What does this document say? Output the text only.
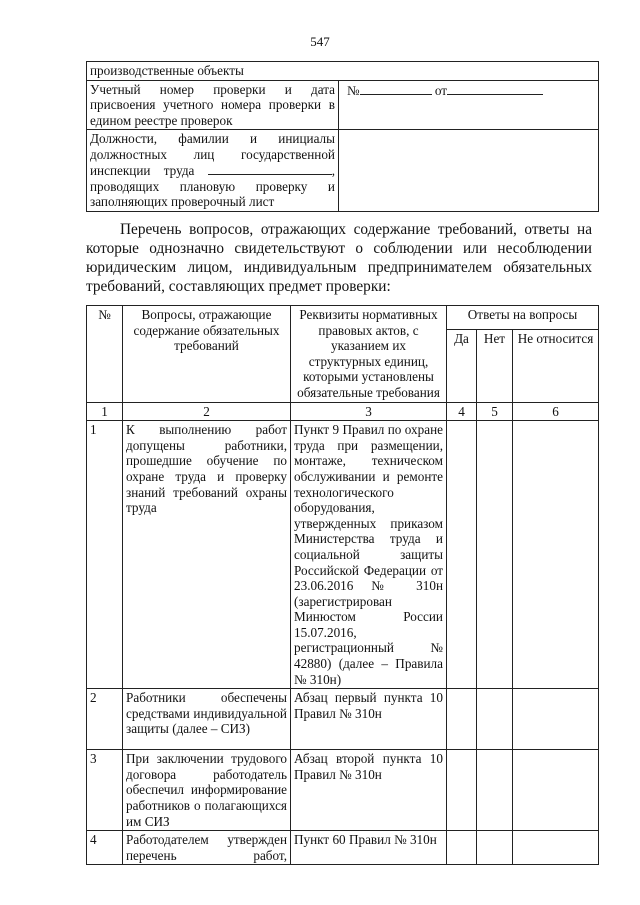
547
производственные объекты	
Учетный номер проверки и дата присвоения учетного номера проверки в едином реестре проверок	№ от
Должности, фамилии и инициалы должностных лиц государственной инспекции труда , проводящих плановую проверку и заполняющих проверочный лист	

Перечень вопросов, отражающих содержание требований, ответы на которые однозначно свидетельствуют о соблюдении или несоблюдении юридическим лицом, индивидуальным предпринимателем обязательных требований, составляющих предмет проверки:

№	Вопросы, отражающие содержание обязательных требований	Реквизиты нормативных правовых актов, с указанием их структурных единиц, которыми установлены обязательные требования	Ответы на вопросы		
			Да	Нет	Не относится
1	2	3	4	5	6
1	К выполнению работ допущены работники, прошедшие обучение по охране труда и проверку знаний требований охраны труда	Пункт 9 Правил по охране труда при размещении, монтаже, техническом обслуживании и ремонте технологического оборудования, утвержденных приказом Министерства труда и социальной защиты Российской Федерации от 23.06.2016 № 310н (зарегистрирован Минюстом России 15.07.2016, регистрационный № 42880) (далее – Правила № 310н)			
2	Работники обеспечены средствами индивидуальной защиты (далее – СИЗ)	Абзац первый пункта 10 Правил № 310н			
3	При заключении трудового договора работодатель обеспечил информирование работников о полагающихся им СИЗ	Абзац второй пункта 10 Правил № 310н			
4	Работодателем утвержден перечень работ,	Пункт 60 Правил № 310н			
